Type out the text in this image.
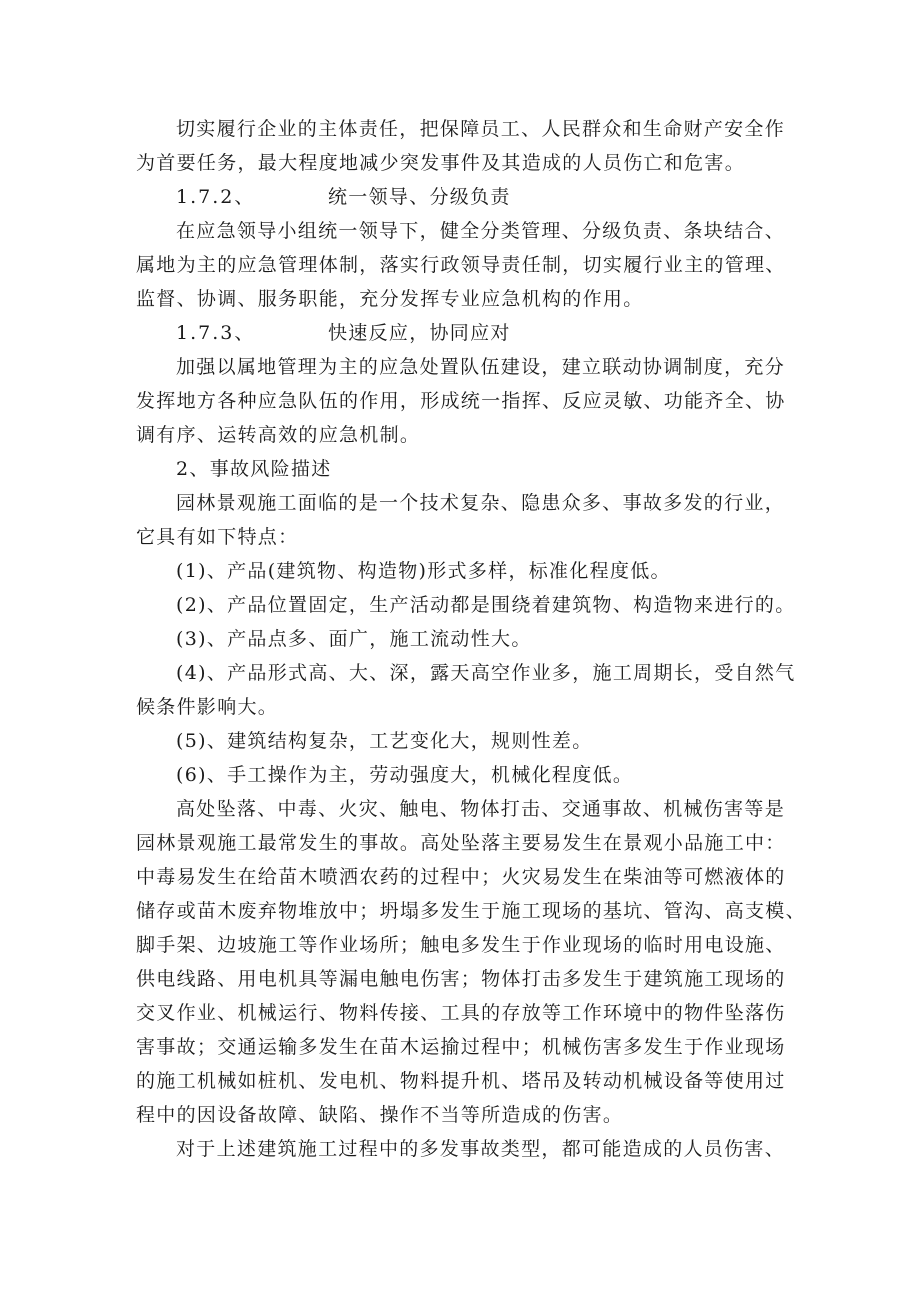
切实履行企业的主体责任，把保障员工、人民群众和生命财产安全作
为首要任务，最大程度地减少突发事件及其造成的人员伤亡和危害。
1.7.2、	统一领导、分级负责
在应急领导小组统一领导下，健全分类管理、分级负责、条块结合、
属地为主的应急管理体制，落实行政领导责任制，切实履行业主的管理、
监督、协调、服务职能，充分发挥专业应急机构的作用。
1.7.3、	快速反应，协同应对
加强以属地管理为主的应急处置队伍建设，建立联动协调制度，充分
发挥地方各种应急队伍的作用，形成统一指挥、反应灵敏、功能齐全、协
调有序、运转高效的应急机制。
2、事故风险描述
园林景观施工面临的是一个技术复杂、隐患众多、事故多发的行业，
它具有如下特点：
(1)、产品(建筑物、构造物)形式多样，标准化程度低。
(2)、产品位置固定，生产活动都是围绕着建筑物、构造物来进行的。
(3)、产品点多、面广，施工流动性大。
(4)、产品形式高、大、深，露天高空作业多，施工周期长，受自然气
候条件影响大。
(5)、建筑结构复杂，工艺变化大，规则性差。
(6)、手工操作为主，劳动强度大，机械化程度低。
高处坠落、中毒、火灾、触电、物体打击、交通事故、机械伤害等是
园林景观施工最常发生的事故。高处坠落主要易发生在景观小品施工中：
中毒易发生在给苗木喷洒农药的过程中；火灾易发生在柴油等可燃液体的
储存或苗木废弃物堆放中；坍塌多发生于施工现场的基坑、管沟、高支模、
脚手架、边坡施工等作业场所；触电多发生于作业现场的临时用电设施、
供电线路、用电机具等漏电触电伤害；物体打击多发生于建筑施工现场的
交叉作业、机械运行、物料传接、工具的存放等工作环境中的物件坠落伤
害事故；交通运输多发生在苗木运揄过程中；机械伤害多发生于作业现场
的施工机械如桩机、发电机、物料提升机、塔吊及转动机械设备等使用过
程中的因设备故障、缺陷、操作不当等所造成的伤害。
对于上述建筑施工过程中的多发事故类型，都可能造成的人员伤害、
